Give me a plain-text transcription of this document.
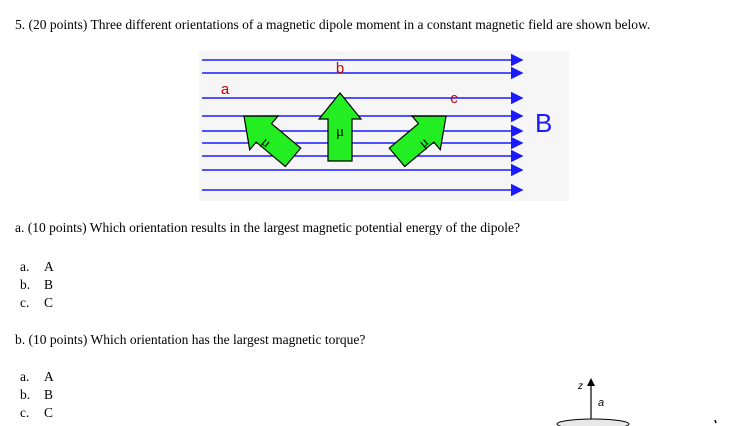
5. (20 points) Three different orientations of a magnetic dipole moment in a constant magnetic field are shown below.
μ
μ
μ
a
b
c
B
a. (10 points) Which orientation results in the largest magnetic potential energy of the dipole?
a. A
b. B
c. C
b. (10 points) Which orientation has the largest magnetic torque?
a. A
b. B
c. C
z
a
